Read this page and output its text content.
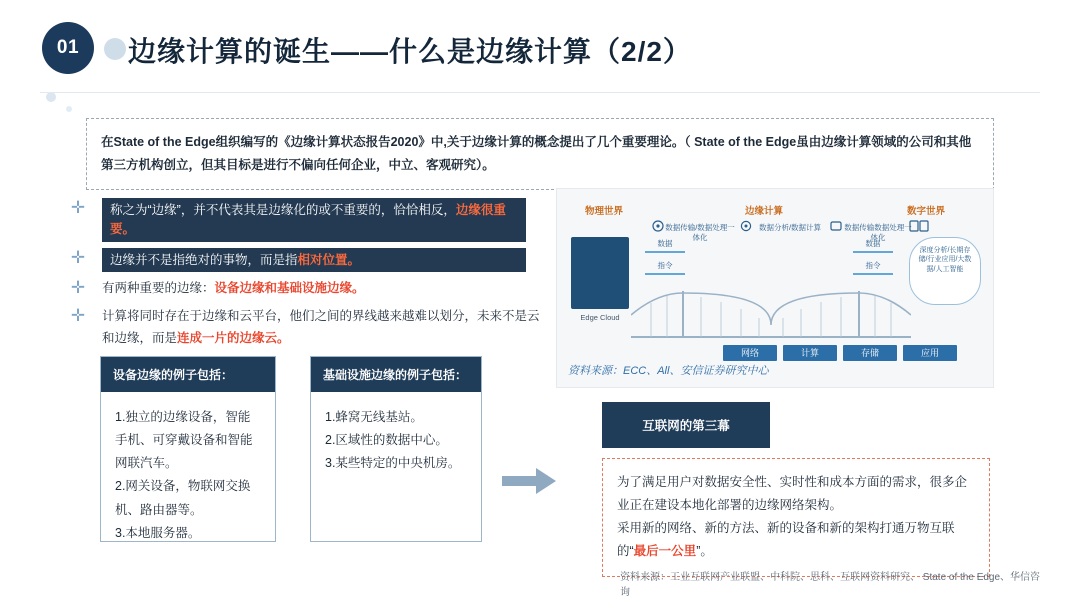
01	边缘计算的诞生——什么是边缘计算（2/2）
在State of the Edge组织编写的《边缘计算状态报告2020》中,关于边缘计算的概念提出了几个重要理论。（ State of the Edge虽由边缘计算领域的公司和其他第三方机构创立，但其目标是进行不偏向任何企业，中立、客观研究）。
✛ 称之为“边缘”，并不代表其是边缘化的或不重要的，恰恰相反，边缘很重要。
✛ 边缘并不是指绝对的事物，而是指相对位置。
✛ 有两种重要的边缘：设备边缘和基础设施边缘。
✛ 计算将同时存在于边缘和云平台，他们之间的界线越来越难以划分，未来不是云和边缘，而是连成一片的边缘云。
物理世界	边缘计算	数字世界
数据传输/数据处理一体化
数据分析/数据计算	数据传输数据处理一体化
Edge Cloud
数据
指令
数据
指令
深度分析/长期存储/行业应用/大数据/人工智能
网络	计算	存储	应用
资料来源：ECC、All、安信证券研究中心
设备边缘的例子包括：
1.独立的边缘设备，智能手机、可穿戴设备和智能网联汽车。
2.网关设备，物联网交换机、路由器等。
3.本地服务器。
基础设施边缘的例子包括：
1.蜂窝无线基站。
2.区域性的数据中心。
3.某些特定的中央机房。
互联网的第三幕
为了满足用户对数据安全性、实时性和成本方面的需求，很多企业正在建设本地化部署的边缘网络架构。
采用新的网络、新的方法、新的设备和新的架构打通万物互联的“最后一公里”。
资料来源：工业互联网产业联盟、中科院、思科、互联网资料研究、 State of the Edge、华信咨询
